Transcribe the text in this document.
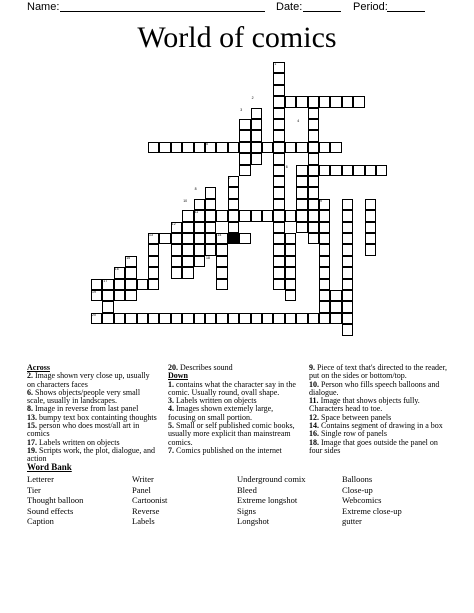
Name:	Date:	Period:
World of comics
1
2
3
4
5
6
7
8
9
10
11
12
13	14
15
16
17
18
19
20
Across
2. Image shown very close up, usually on characters faces
6. Shows objects/people very small scale, usually in landscapes.
8. Image in reverse from last panel
13. bumpy text box containting thoughts
15. person who does most/all art in comics
17. Labels written on objects
19. Scripts work, the plot, dialogue, and action
20. Describes sound
Down
1. contains what the character say in the comic. Usually round, ovall shape.
3. Labels written on objects
4. Images shown extemely large, focusing on small portion.
5. Small or self published comic books, usually more explicit than mainstream comics.
7. Comics published on the internet
9. Piece of text that's directed to the reader, put on the sides or bottom/top.
10. Person who fills speech balloons and dialogue.
11. Image that shows objects fully. Characters head to toe.
12. Space between panels
14. Contains segment of drawing in a box
16. Single row of panels
18. Image that goes outside the panel on four sides
Word Bank
Letterer
Tier
Thought balloon
Sound effects
Caption
Writer
Panel
Cartoonist
Reverse
Labels
Underground comix
Bleed
Extreme longshot
Signs
Longshot
Balloons
Close-up
Webcomics
Extreme close-up
gutter
